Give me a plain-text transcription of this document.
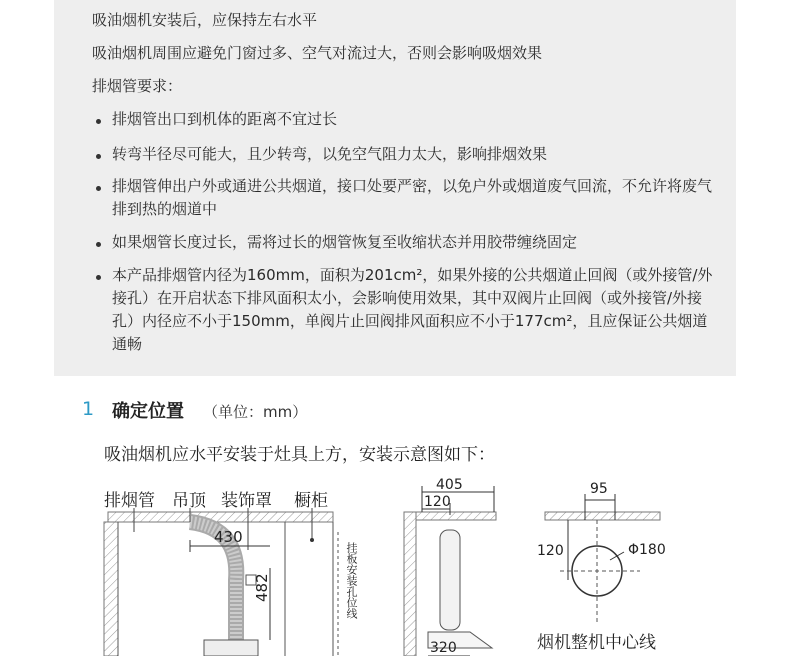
吸油烟机安装后，应保持左右水平
吸油烟机周围应避免门窗过多、空气对流过大，否则会影响吸烟效果
排烟管要求：
排烟管出口到机体的距离不宜过长
转弯半径尽可能大，且少转弯，以免空气阻力太大，影响排烟效果
排烟管伸出户外或通进公共烟道，接口处要严密，以免户外或烟道废气回流，不允许将废气排到热的烟道中
如果烟管长度过长，需将过长的烟管恢复至收缩状态并用胶带缠绕固定
本产品排烟管内径为160mm，面积为201cm²，如果外接的公共烟道止回阀（或外接管/外接孔）在开启状态下排风面积太小，会影响使用效果，其中双阀片止回阀（或外接管/外接孔）内径应不小于150mm，单阀片止回阀排风面积应不小于177cm²，且应保证公共烟道通畅
1 确定位置 （单位：mm）
吸油烟机应水平安装于灶具上方，安装示意图如下：
排烟管 吊顶 装饰罩 橱柜
430
482	挂板安装孔位线
405
120
320
95
120	Φ180
烟机整机中心线
